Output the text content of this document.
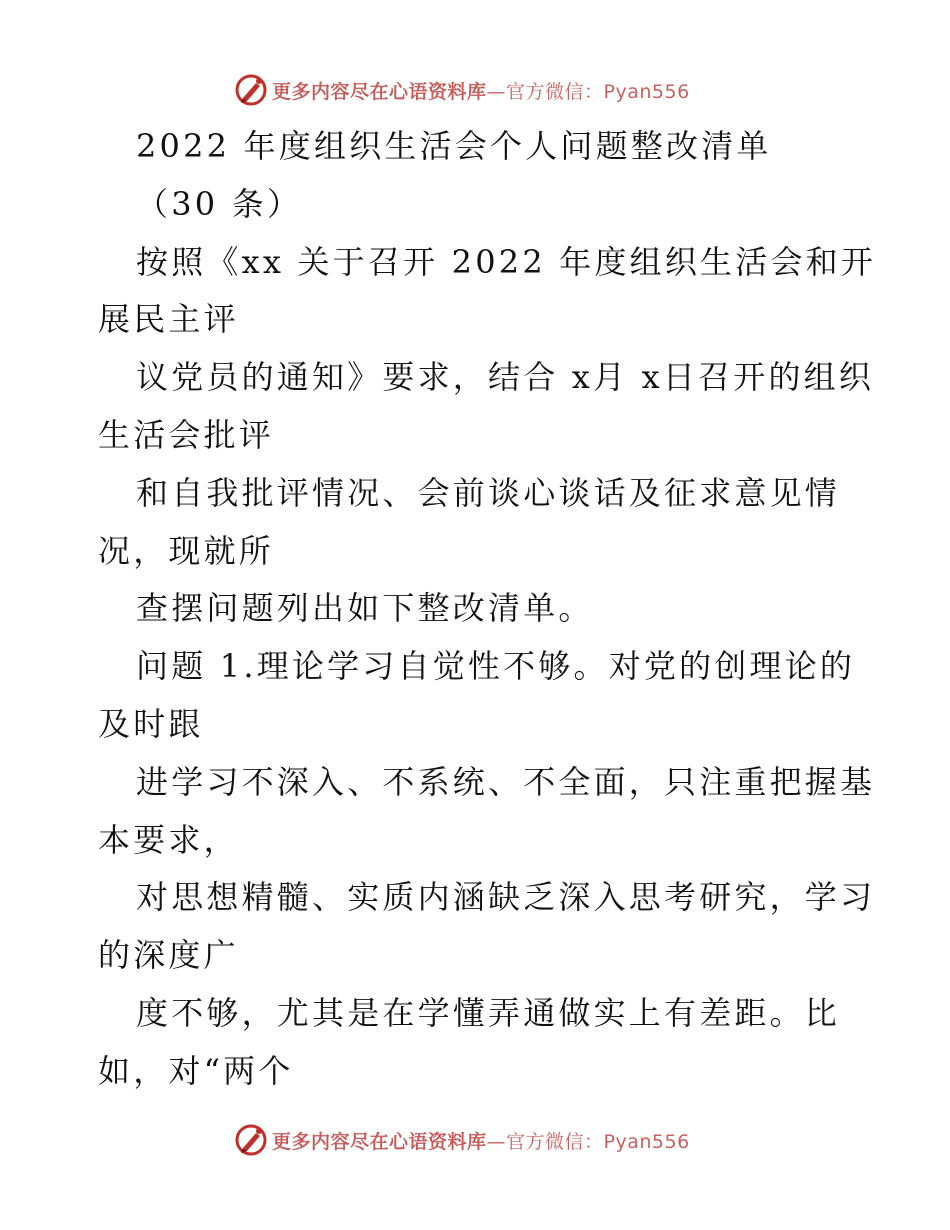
更多内容尽在心语资料库—官方微信：Pyan556
2022 年度组织生活会个人问题整改清单
（30 条）
按照《xx 关于召开 2022 年度组织生活会和开
展民主评
议党员的通知》要求，结合 x月 x日召开的组织
生活会批评
和自我批评情况、会前谈心谈话及征求意见情
况，现就所
查摆问题列出如下整改清单。
问题 1.理论学习自觉性不够。对党的创理论的
及时跟
进学习不深入、不系统、不全面，只注重把握基
本要求，
对思想精髓、实质内涵缺乏深入思考研究，学习
的深度广
度不够，尤其是在学懂弄通做实上有差距。比
如，对“两个
更多内容尽在心语资料库—官方微信：Pyan556
